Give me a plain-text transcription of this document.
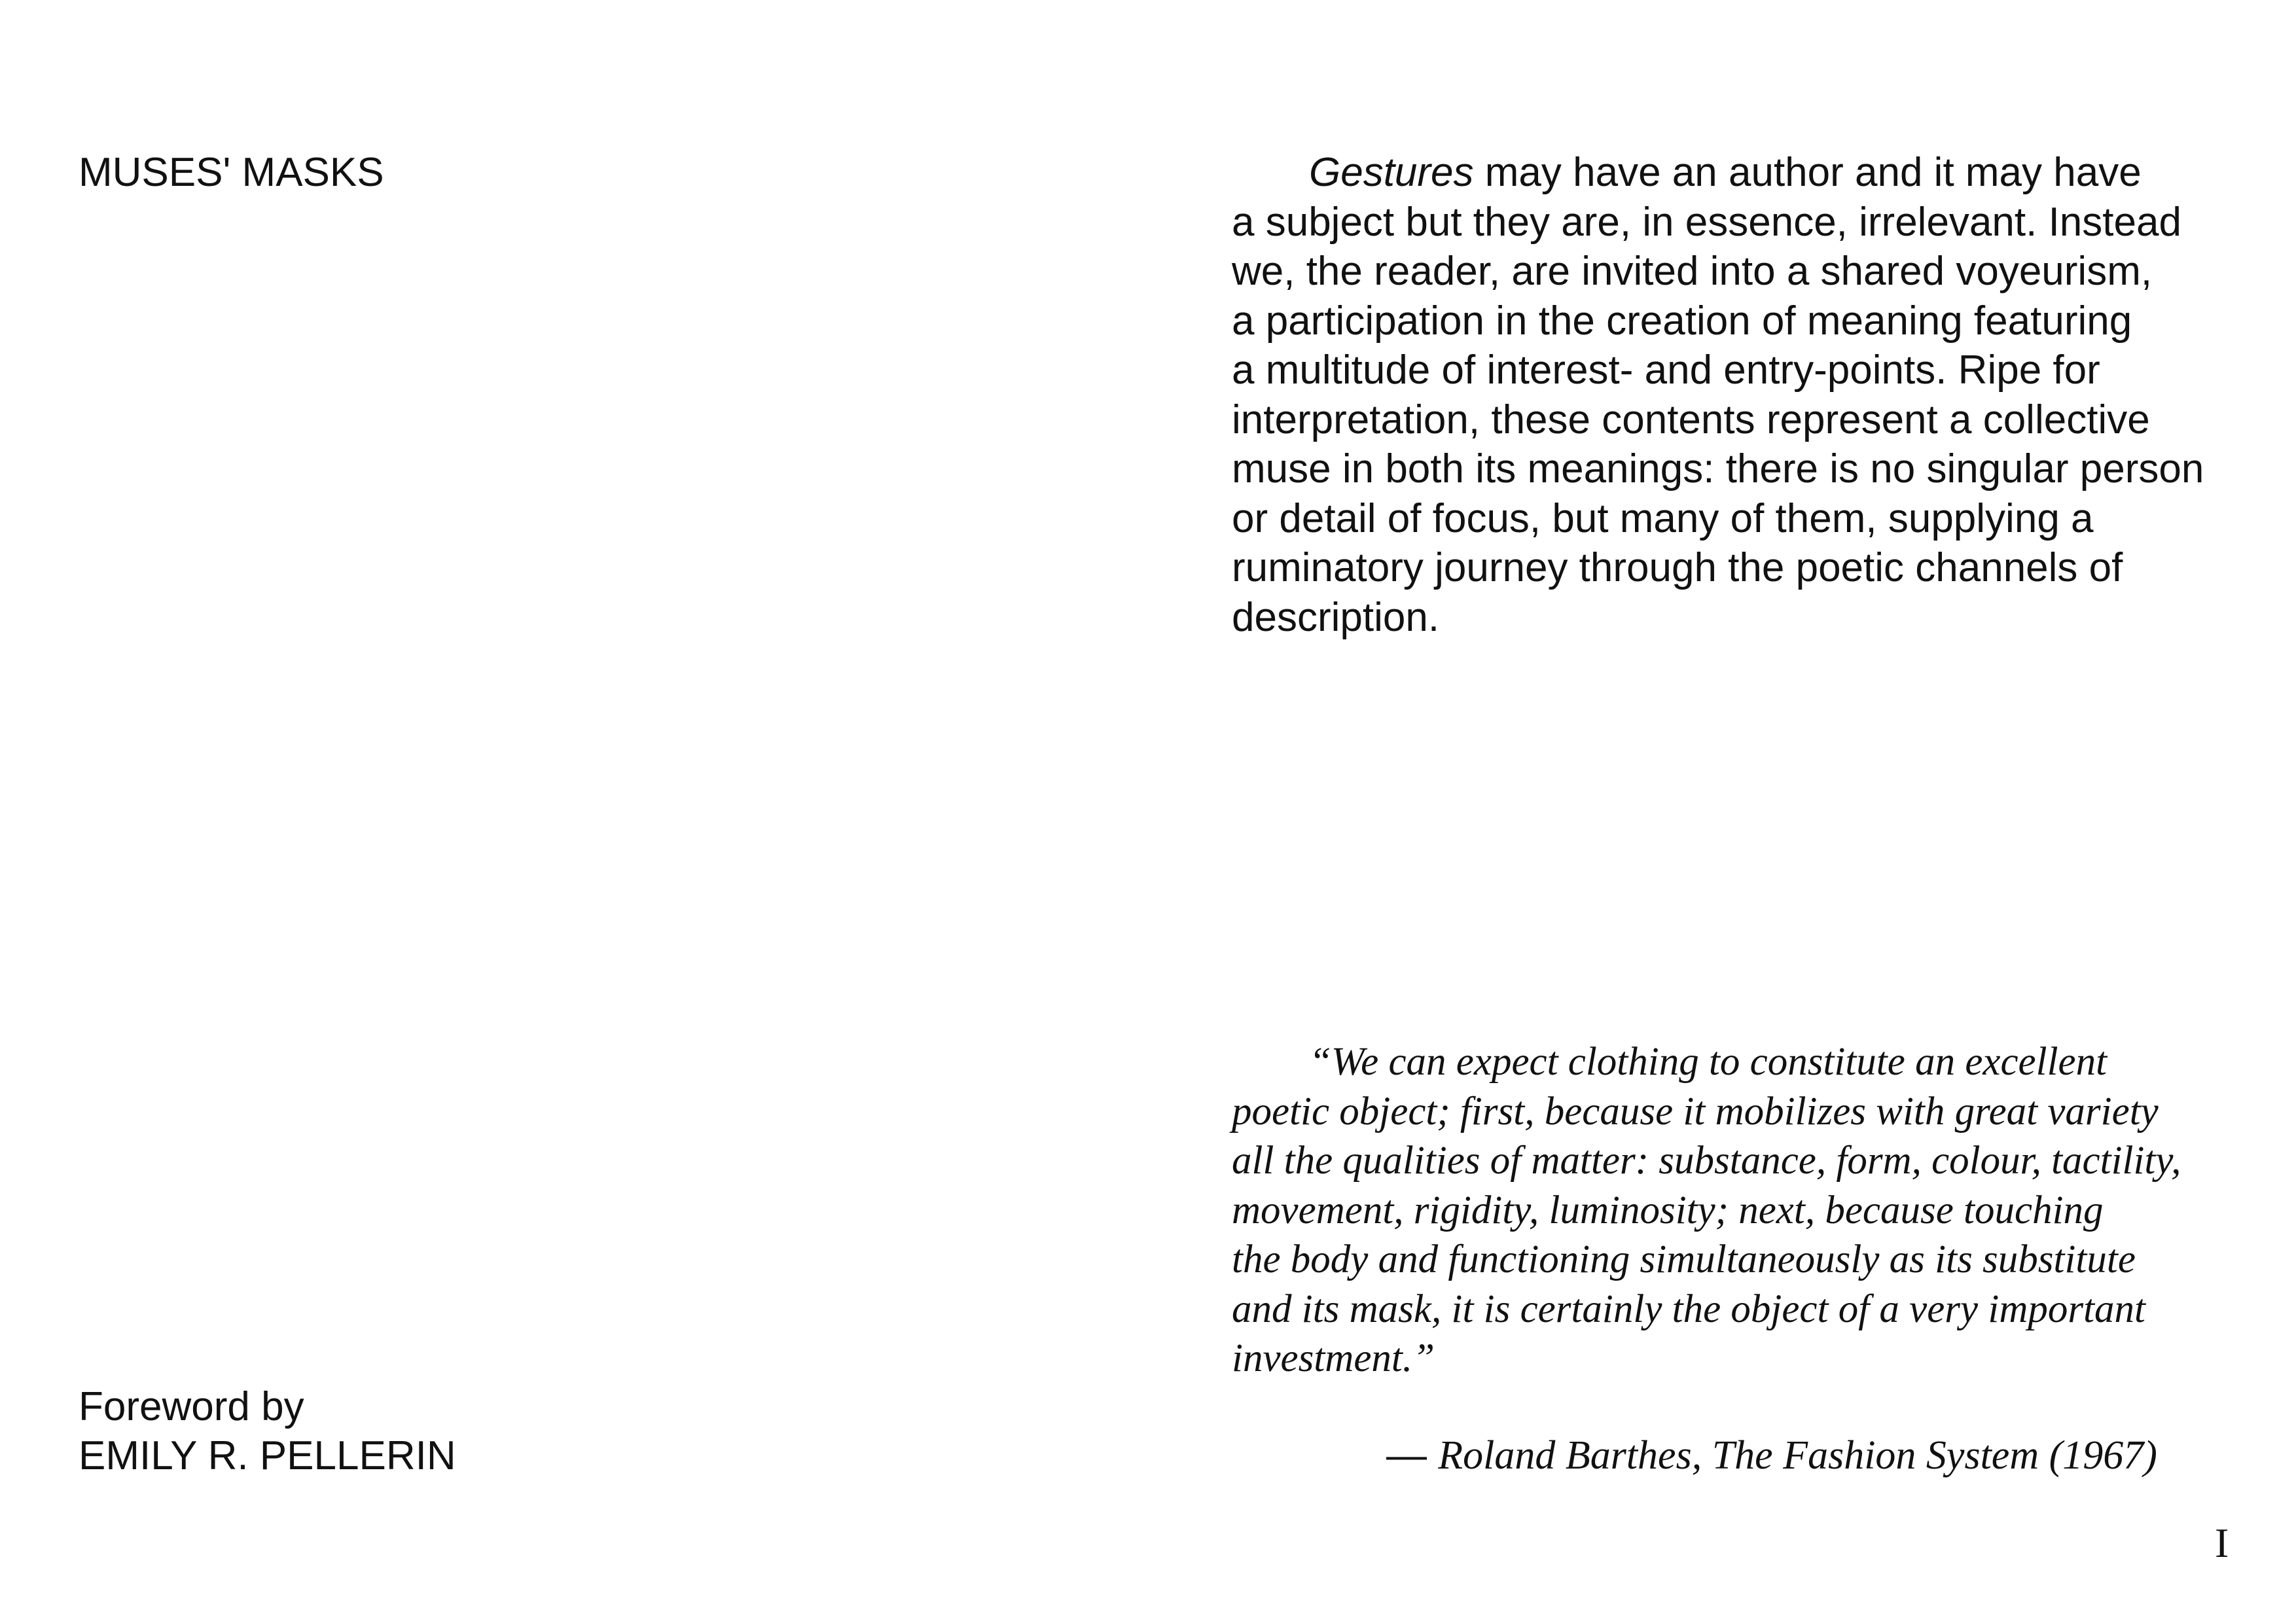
MUSES' MASKS
Foreword by
EMILY R. PELLERIN
Gestures may have an author and it may have
a subject but they are, in essence, irrelevant. Instead
we, the reader, are invited into a shared voyeurism,
a participation in the creation of meaning featuring
a multitude of interest- and entry-points. Ripe for
interpretation, these contents represent a collective
muse in both its meanings: there is no singular person
or detail of focus, but many of them, supplying a
ruminatory journey through the poetic channels of
description.
“We can expect clothing to constitute an excellent
poetic object; first, because it mobilizes with great variety
all the qualities of matter: substance, form, colour, tactility,
movement, rigidity, luminosity; next, because touching
the body and functioning simultaneously as its substitute
and its mask, it is certainly the object of a very important
investment.”
— Roland Barthes, The Fashion System (1967)
I
